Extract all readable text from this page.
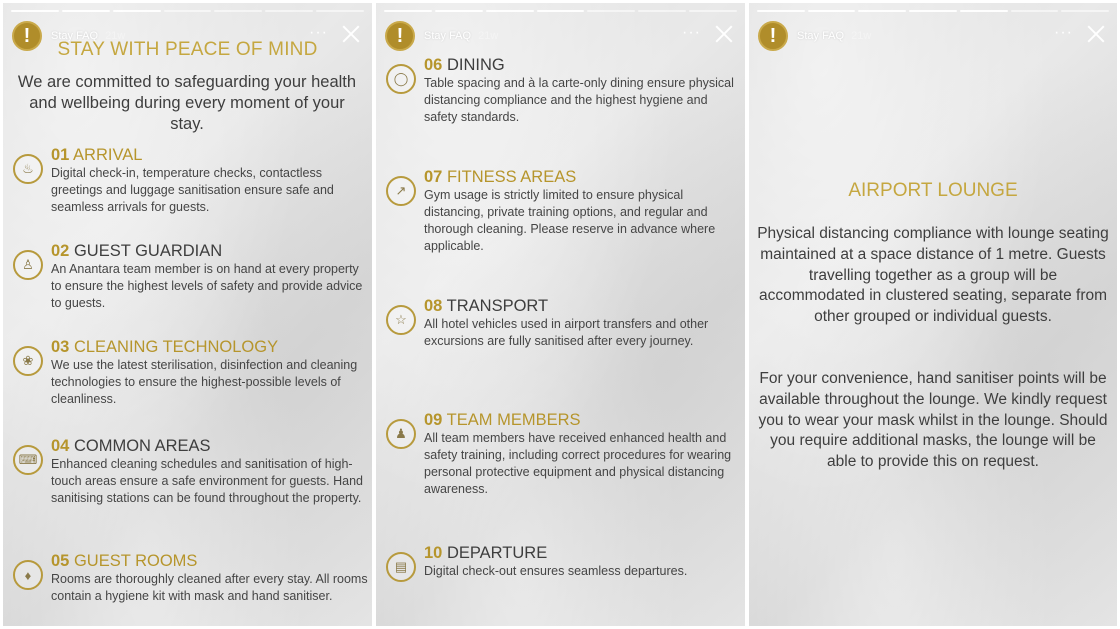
! Stay FAQ 21w	···
STAY WITH PEACE OF MIND
We are committed to safeguarding your health and wellbeing during every moment of your stay.
♨
01 ARRIVAL
Digital check-in, temperature checks, contactless greetings and luggage sanitisation ensure safe and seamless arrivals for guests.
♙
02 GUEST GUARDIAN
An Anantara team member is on hand at every property to ensure the highest levels of safety and provide advice to guests.
❀
03 CLEANING TECHNOLOGY
We use the latest sterilisation, disinfection and cleaning technologies to ensure the highest-possible levels of cleanliness.
⌨
04 COMMON AREAS
Enhanced cleaning schedules and sanitisation of high-touch areas ensure a safe environment for guests. Hand sanitising stations can be found throughout the property.
♦
05 GUEST ROOMS
Rooms are thoroughly cleaned after every stay. All rooms contain a hygiene kit with mask and hand sanitiser.
! Stay FAQ 21w	···
◯
06 DINING
Table spacing and à la carte-only dining ensure physical distancing compliance and the highest hygiene and safety standards.
↗
07 FITNESS AREAS
Gym usage is strictly limited to ensure physical distancing, private training options, and regular and thorough cleaning. Please reserve in advance where applicable.
☆
08 TRANSPORT
All hotel vehicles used in airport transfers and other excursions are fully sanitised after every journey.
♟
09 TEAM MEMBERS
All team members have received enhanced health and safety training, including correct procedures for wearing personal protective equipment and physical distancing awareness.
▤
10 DEPARTURE
Digital check-out ensures seamless departures.
! Stay FAQ 21w	···
AIRPORT LOUNGE
Physical distancing compliance with lounge seating maintained at a space distance of 1 metre. Guests travelling together as a group will be accommodated in clustered seating, separate from other grouped or individual guests.
For your convenience, hand sanitiser points will be available throughout the lounge. We kindly request you to wear your mask whilst in the lounge. Should you require additional masks, the lounge will be able to provide this on request.
